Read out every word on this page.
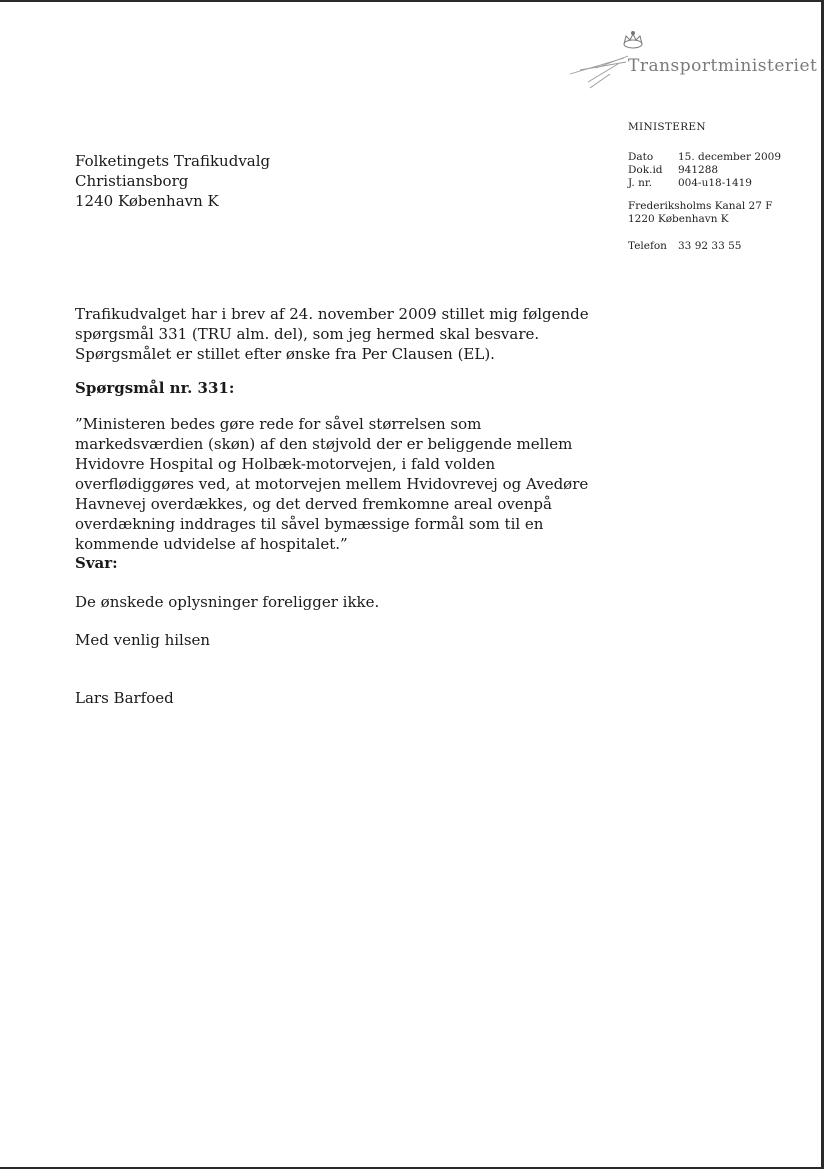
Transportministeriet
MINISTEREN
Dato 15. december 2009
Dok.id 941288
J. nr. 004-u18-1419
Frederiksholms Kanal 27 F
1220 København K
Telefon 33 92 33 55
Folketingets Trafikudvalg
Christiansborg
1240 København K
Trafikudvalget har i brev af 24. november 2009 stillet mig følgende spørgsmål 331 (TRU alm. del), som jeg hermed skal besvare. Spørgsmålet er stillet efter ønske fra Per Clausen (EL).
Spørgsmål nr. 331:
”Ministeren bedes gøre rede for såvel størrelsen som markedsværdien (skøn) af den støjvold der er beliggende mellem Hvidovre Hospital og Holbæk-motorvejen, i fald volden overflødiggøres ved, at motorvejen mellem Hvidovrevej og Avedøre Havnevej overdækkes, og det derved fremkomne areal ovenpå overdækning inddrages til såvel bymæssige formål som til en kommende udvidelse af hospitalet.”
Svar:
De ønskede oplysninger foreligger ikke.
Med venlig hilsen
Lars Barfoed
